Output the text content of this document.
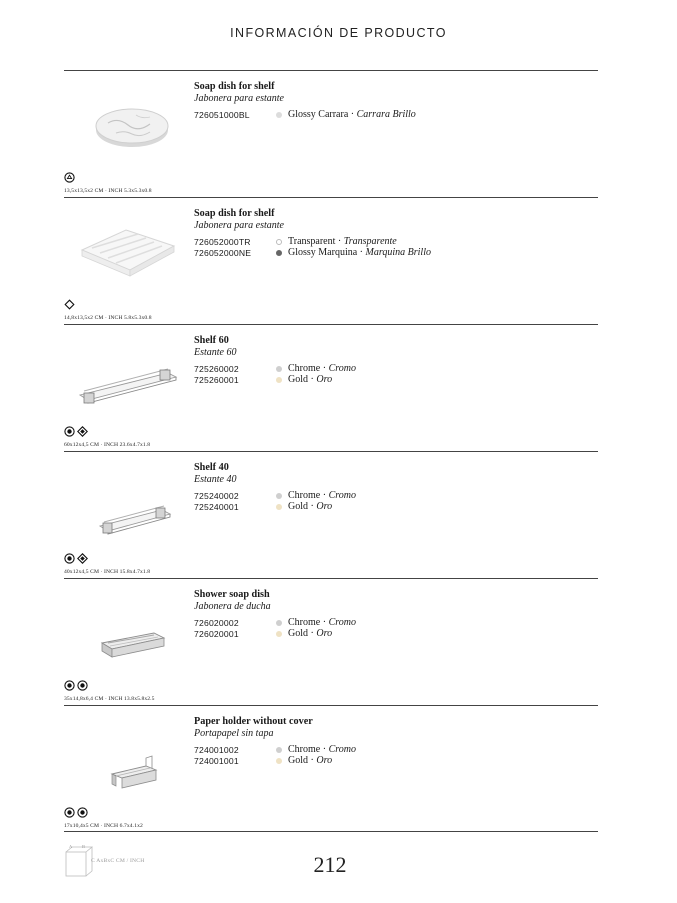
INFORMACIÓN DE PRODUCTO
13,5x13,5x2 CM · INCH 5.3x5.3x0.8
Soap dish for shelf
Jabonera para estante
726051000BL	Glossy Carrara · Carrara Brillo
14,8x13,5x2 CM · INCH 5.8x5.3x0.8
Soap dish for shelf
Jabonera para estante
726052000TR	Transparent · Transparente
726052000NE	Glossy Marquina · Marquina Brillo
60x12x4,5 CM · INCH 23.6x4.7x1.8
Shelf 60
Estante 60
725260002	Chrome · Cromo
725260001	Gold · Oro
40x12x4,5 CM · INCH 15.8x4.7x1.8
Shelf 40
Estante 40
725240002	Chrome · Cromo
725240001	Gold · Oro
35x14,8x6,4 CM · INCH 13.8x5.8x2.5
Shower soap dish
Jabonera de ducha
726020002	Chrome · Cromo
726020001	Gold · Oro
17x10,4x5 CM · INCH 6.7x4.1x2
Paper holder without cover
Portapapel sin tapa
724001002	Chrome · Cromo
724001001	Gold · Oro
A B
C AxBxC CM / INCH	212
